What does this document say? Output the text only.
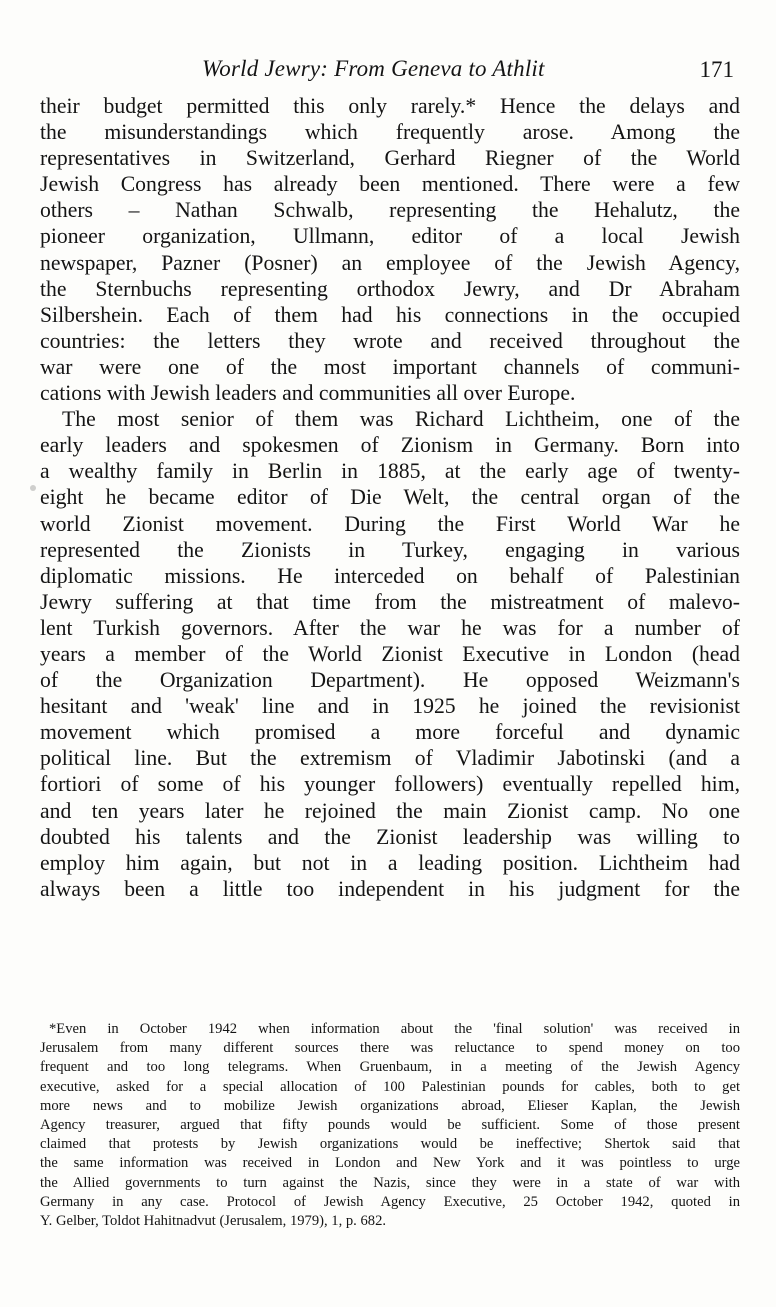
World Jewry: From Geneva to Athlit	171
their budget permitted this only rarely.* Hence the delays and
the misunderstandings which frequently arose. Among the
representatives in Switzerland, Gerhard Riegner of the World
Jewish Congress has already been mentioned. There were a few
others – Nathan Schwalb, representing the Hehalutz, the
pioneer organization, Ullmann, editor of a local Jewish
newspaper, Pazner (Posner) an employee of the Jewish Agency,
the Sternbuchs representing orthodox Jewry, and Dr Abraham
Silbershein. Each of them had his connections in the occupied
countries: the letters they wrote and received throughout the
war were one of the most important channels of communi-
cations with Jewish leaders and communities all over Europe.
The most senior of them was Richard Lichtheim, one of the
early leaders and spokesmen of Zionism in Germany. Born into
a wealthy family in Berlin in 1885, at the early age of twenty-
eight he became editor of Die Welt, the central organ of the
world Zionist movement. During the First World War he
represented the Zionists in Turkey, engaging in various
diplomatic missions. He interceded on behalf of Palestinian
Jewry suffering at that time from the mistreatment of malevo-
lent Turkish governors. After the war he was for a number of
years a member of the World Zionist Executive in London (head
of the Organization Department). He opposed Weizmann's
hesitant and 'weak' line and in 1925 he joined the revisionist
movement which promised a more forceful and dynamic
political line. But the extremism of Vladimir Jabotinski (and a
fortiori of some of his younger followers) eventually repelled him,
and ten years later he rejoined the main Zionist camp. No one
doubted his talents and the Zionist leadership was willing to
employ him again, but not in a leading position. Lichtheim had
always been a little too independent in his judgment for the
*Even in October 1942 when information about the 'final solution' was received in
Jerusalem from many different sources there was reluctance to spend money on too
frequent and too long telegrams. When Gruenbaum, in a meeting of the Jewish Agency
executive, asked for a special allocation of 100 Palestinian pounds for cables, both to get
more news and to mobilize Jewish organizations abroad, Elieser Kaplan, the Jewish
Agency treasurer, argued that fifty pounds would be sufficient. Some of those present
claimed that protests by Jewish organizations would be ineffective; Shertok said that
the same information was received in London and New York and it was pointless to urge
the Allied governments to turn against the Nazis, since they were in a state of war with
Germany in any case. Protocol of Jewish Agency Executive, 25 October 1942, quoted in
Y. Gelber, Toldot Hahitnadvut (Jerusalem, 1979), 1, p. 682.
